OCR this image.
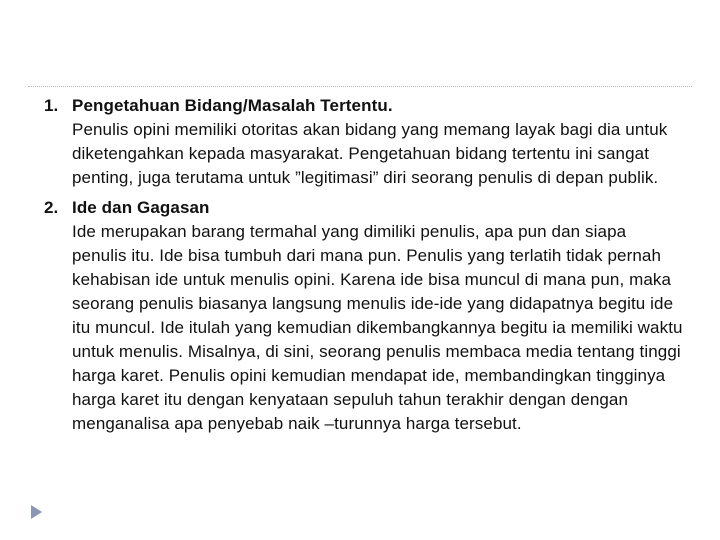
1. Pengetahuan Bidang/Masalah Tertentu.
Penulis opini memiliki otoritas akan bidang yang memang layak bagi dia untuk diketengahkan kepada masyarakat. Pengetahuan bidang tertentu ini sangat penting, juga terutama untuk ”legitimasi” diri seorang penulis di depan publik.
2. Ide dan Gagasan
Ide merupakan barang termahal yang dimiliki penulis, apa pun dan siapa penulis itu. Ide bisa tumbuh dari mana pun. Penulis yang terlatih tidak pernah kehabisan ide untuk menulis opini. Karena ide bisa muncul di mana pun, maka seorang penulis biasanya langsung menulis ide-ide yang didapatnya begitu ide itu muncul. Ide itulah yang kemudian dikembangkannya begitu ia memiliki waktu untuk menulis. Misalnya, di sini, seorang penulis membaca media tentang tinggi harga karet. Penulis opini kemudian mendapat ide, membandingkan tingginya harga karet itu dengan kenyataan sepuluh tahun terakhir dengan dengan menganalisa apa penyebab naik –turunnya harga tersebut.
